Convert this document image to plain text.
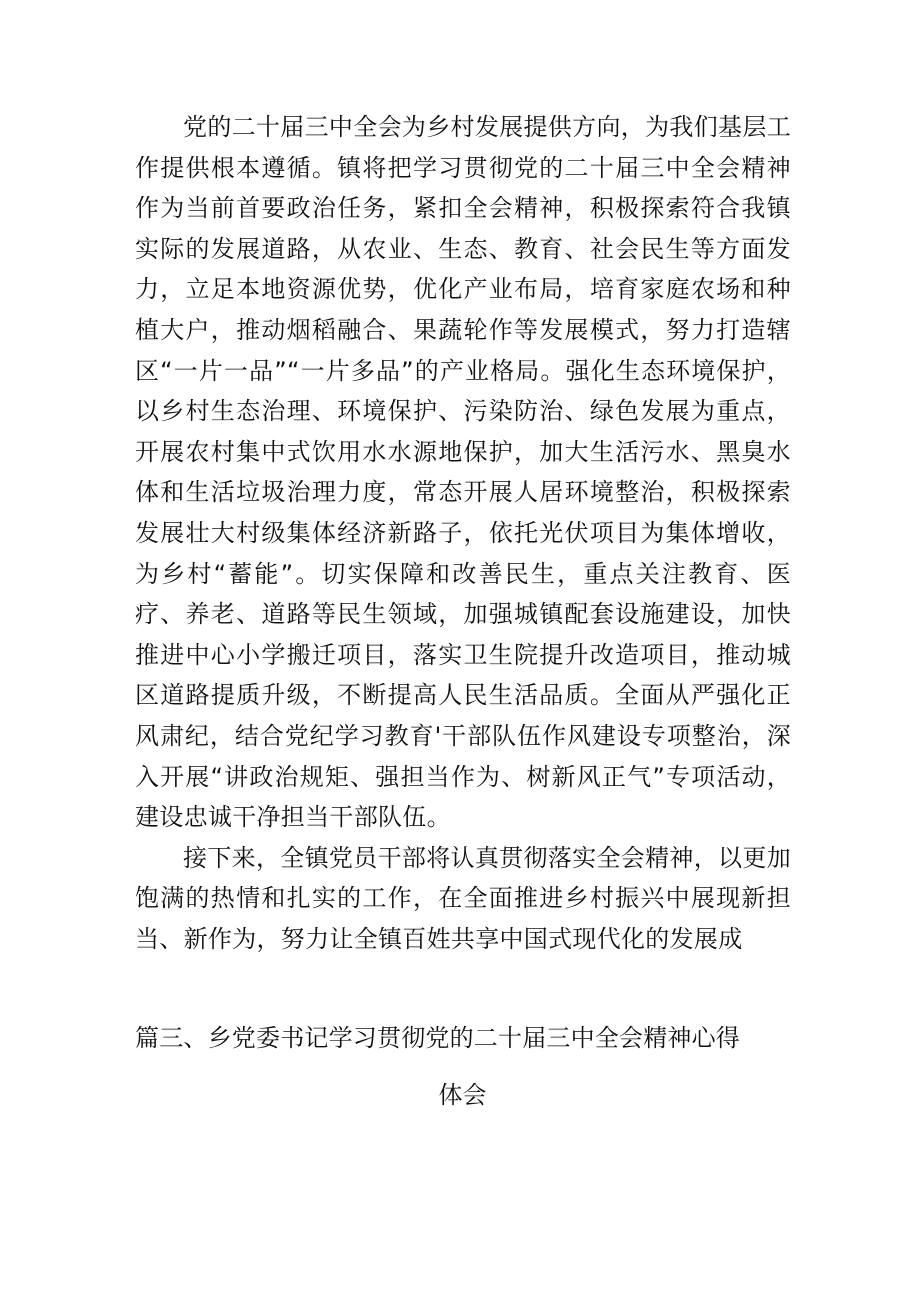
党的二十届三中全会为乡村发展提供方向，为我们基层工作提供根本遵循。镇将把学习贯彻党的二十届三中全会精神作为当前首要政治任务，紧扣全会精神，积极探索符合我镇实际的发展道路，从农业、生态、教育、社会民生等方面发力，立足本地资源优势，优化产业布局，培育家庭农场和种植大户，推动烟稻融合、果蔬轮作等发展模式，努力打造辖区“一片一品”“一片多品”的产业格局。强化生态环境保护，以乡村生态治理、环境保护、污染防治、绿色发展为重点，开展农村集中式饮用水水源地保护，加大生活污水、黑臭水体和生活垃圾治理力度，常态开展人居环境整治，积极探索发展壮大村级集体经济新路子，依托光伏项目为集体增收，为乡村“蓄能”。切实保障和改善民生，重点关注教育、医疗、养老、道路等民生领域，加强城镇配套设施建设，加快推进中心小学搬迁项目，落实卫生院提升改造项目，推动城区道路提质升级，不断提高人民生活品质。全面从严强化正风肃纪，结合党纪学习教育'干部队伍作风建设专项整治，深入开展“讲政治规矩、强担当作为、树新风正气”专项活动，建设忠诚干净担当干部队伍。

接下来，全镇党员干部将认真贯彻落实全会精神，以更加饱满的热情和扎实的工作，在全面推进乡村振兴中展现新担当、新作为，努力让全镇百姓共享中国式现代化的发展成

篇三、乡党委书记学习贯彻党的二十届三中全会精神心得

体会
